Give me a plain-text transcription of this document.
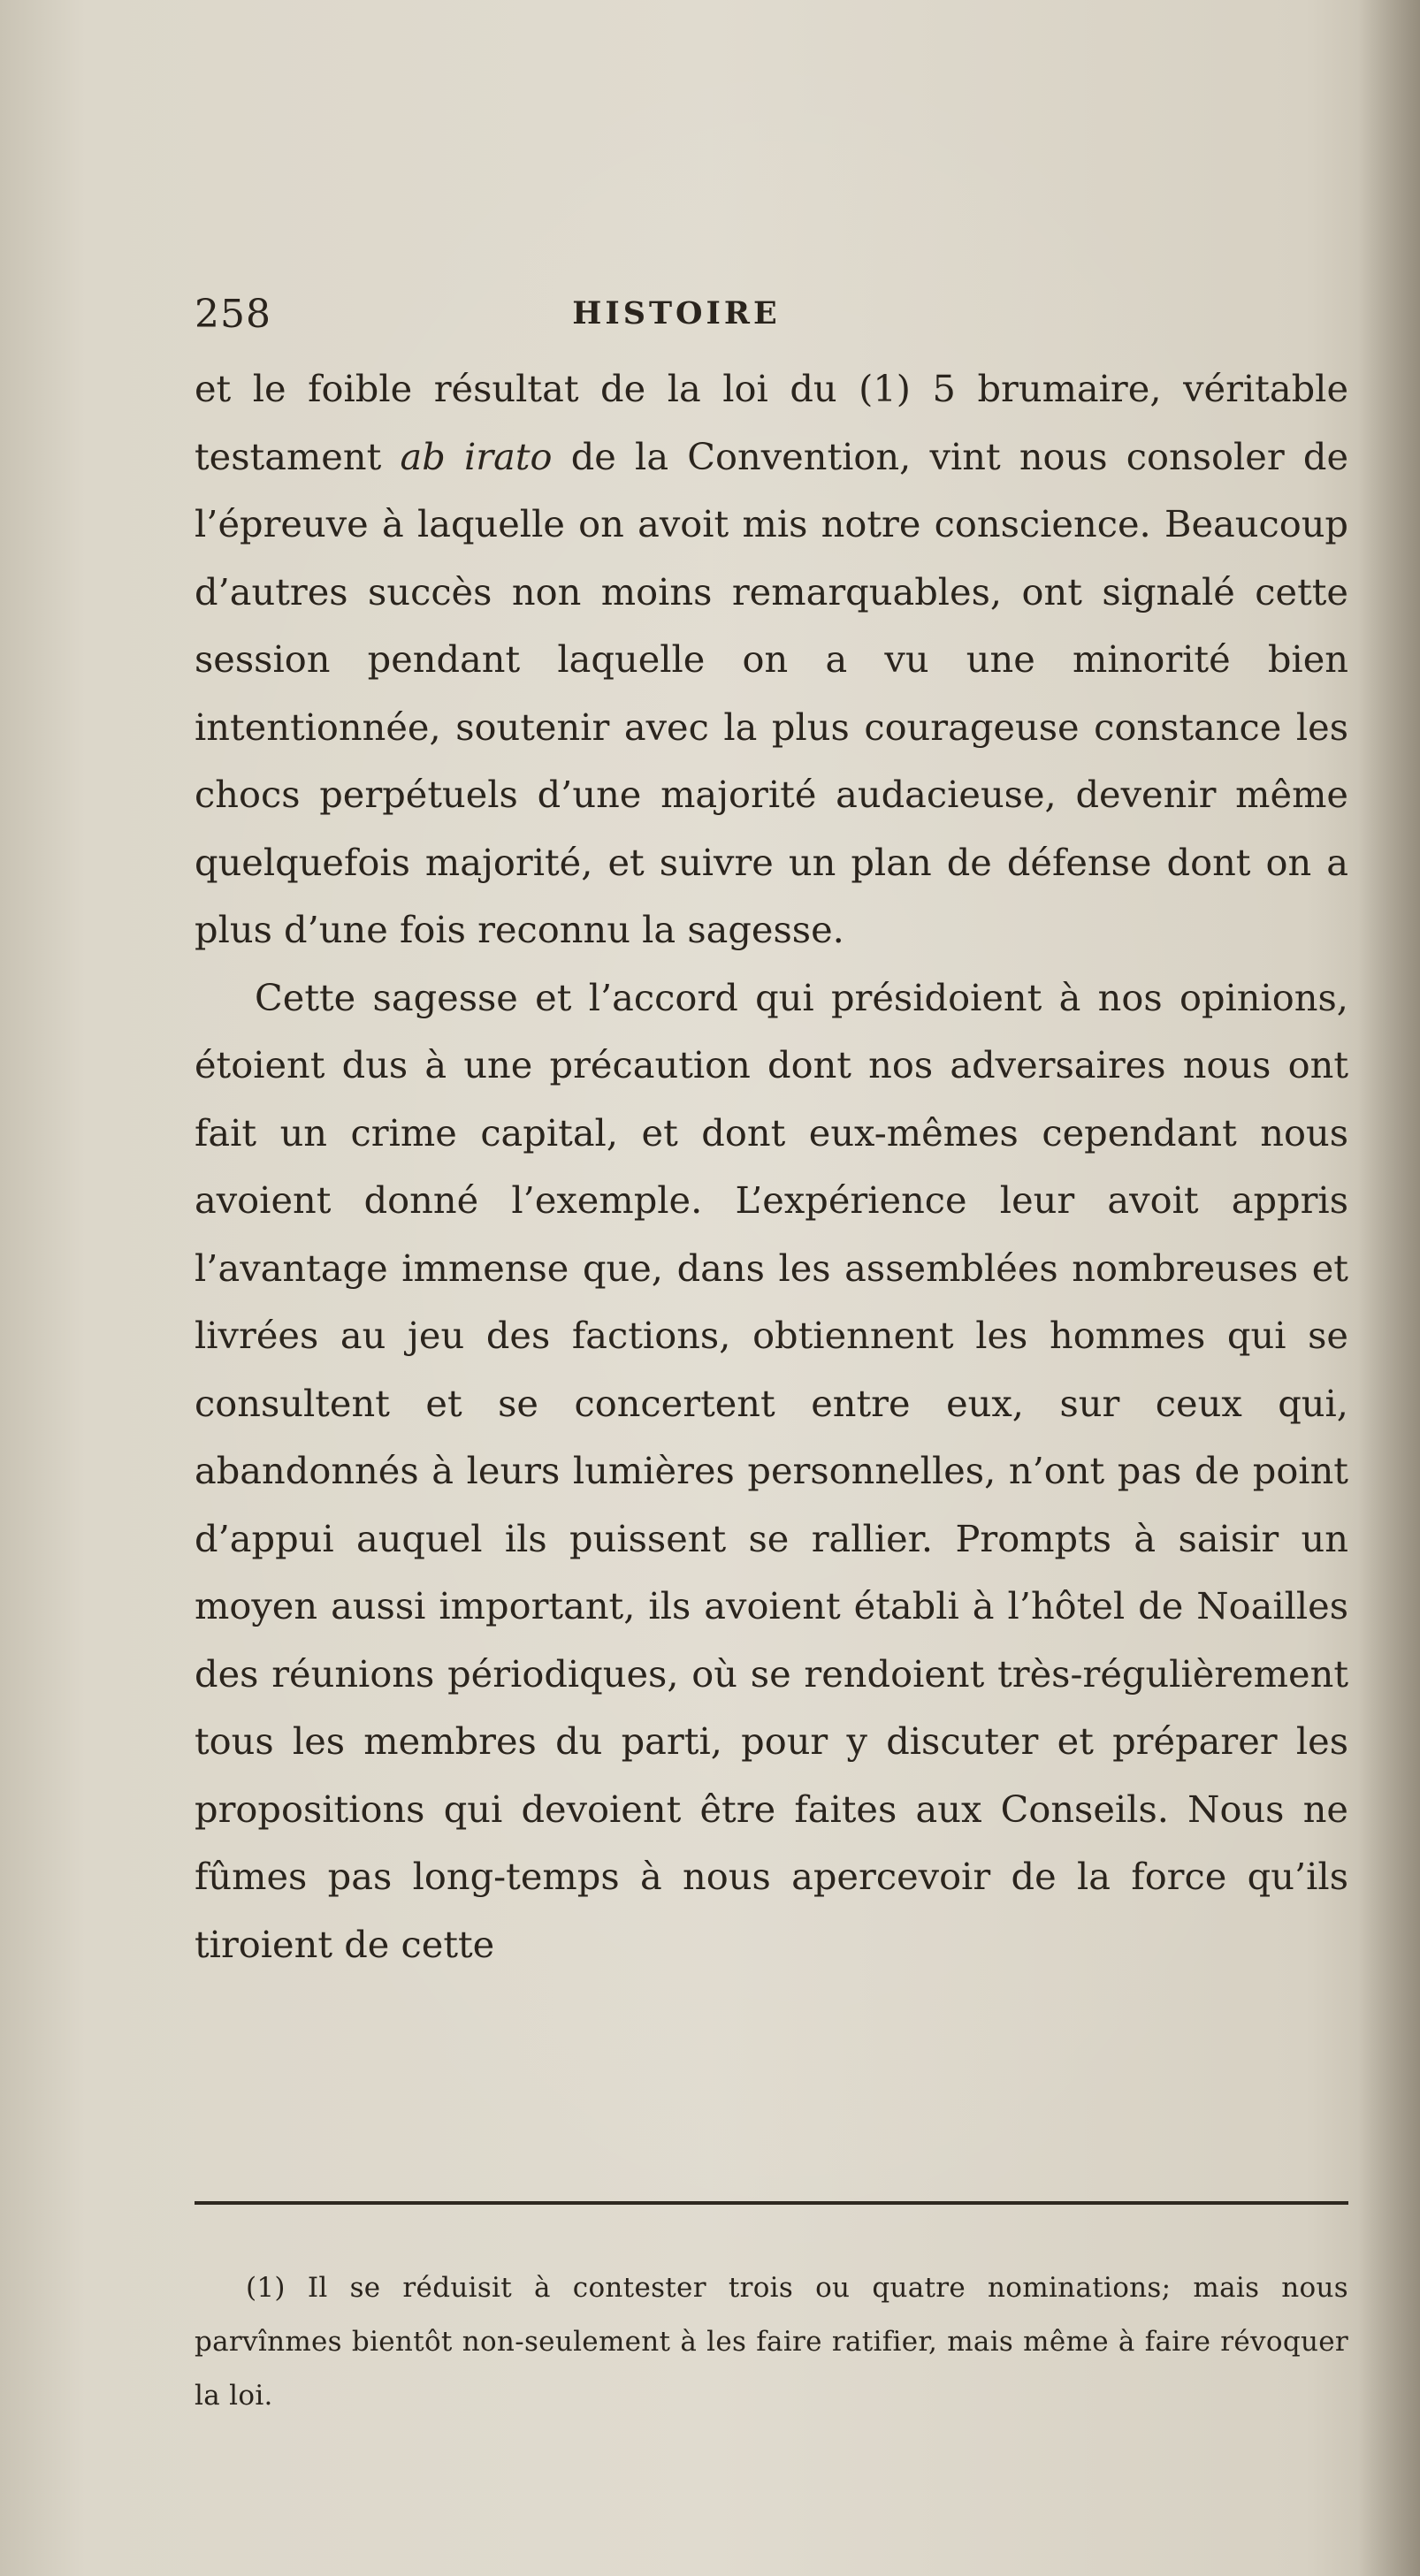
258	HISTOIRE

et le foible résultat de la loi du (1) 5 brumaire, véritable testament ab irato de la Convention, vint nous consoler de l’épreuve à laquelle on avoit mis notre conscience. Beaucoup d’autres succès non moins remarquables, ont signalé cette session pendant laquelle on a vu une minorité bien intentionnée, soutenir avec la plus courageuse constance les chocs perpétuels d’une majorité audacieuse, devenir même quelquefois majorité, et suivre un plan de défense dont on a plus d’une fois reconnu la sagesse.

Cette sagesse et l’accord qui présidoient à nos opinions, étoient dus à une précaution dont nos adversaires nous ont fait un crime capital, et dont eux-mêmes cependant nous avoient donné l’exemple. L’expérience leur avoit appris l’avantage immense que, dans les assemblées nombreuses et livrées au jeu des factions, obtiennent les hommes qui se consultent et se concertent entre eux, sur ceux qui, abandonnés à leurs lumières personnelles, n’ont pas de point d’appui auquel ils puissent se rallier. Prompts à saisir un moyen aussi important, ils avoient établi à l’hôtel de Noailles des réunions périodiques, où se rendoient très-régulièrement tous les membres du parti, pour y discuter et préparer les propositions qui devoient être faites aux Conseils. Nous ne fûmes pas long-temps à nous apercevoir de la force qu’ils tiroient de cette

(1) Il se réduisit à contester trois ou quatre nominations; mais nous parvînmes bientôt non-seulement à les faire ratifier, mais même à faire révoquer la loi.
